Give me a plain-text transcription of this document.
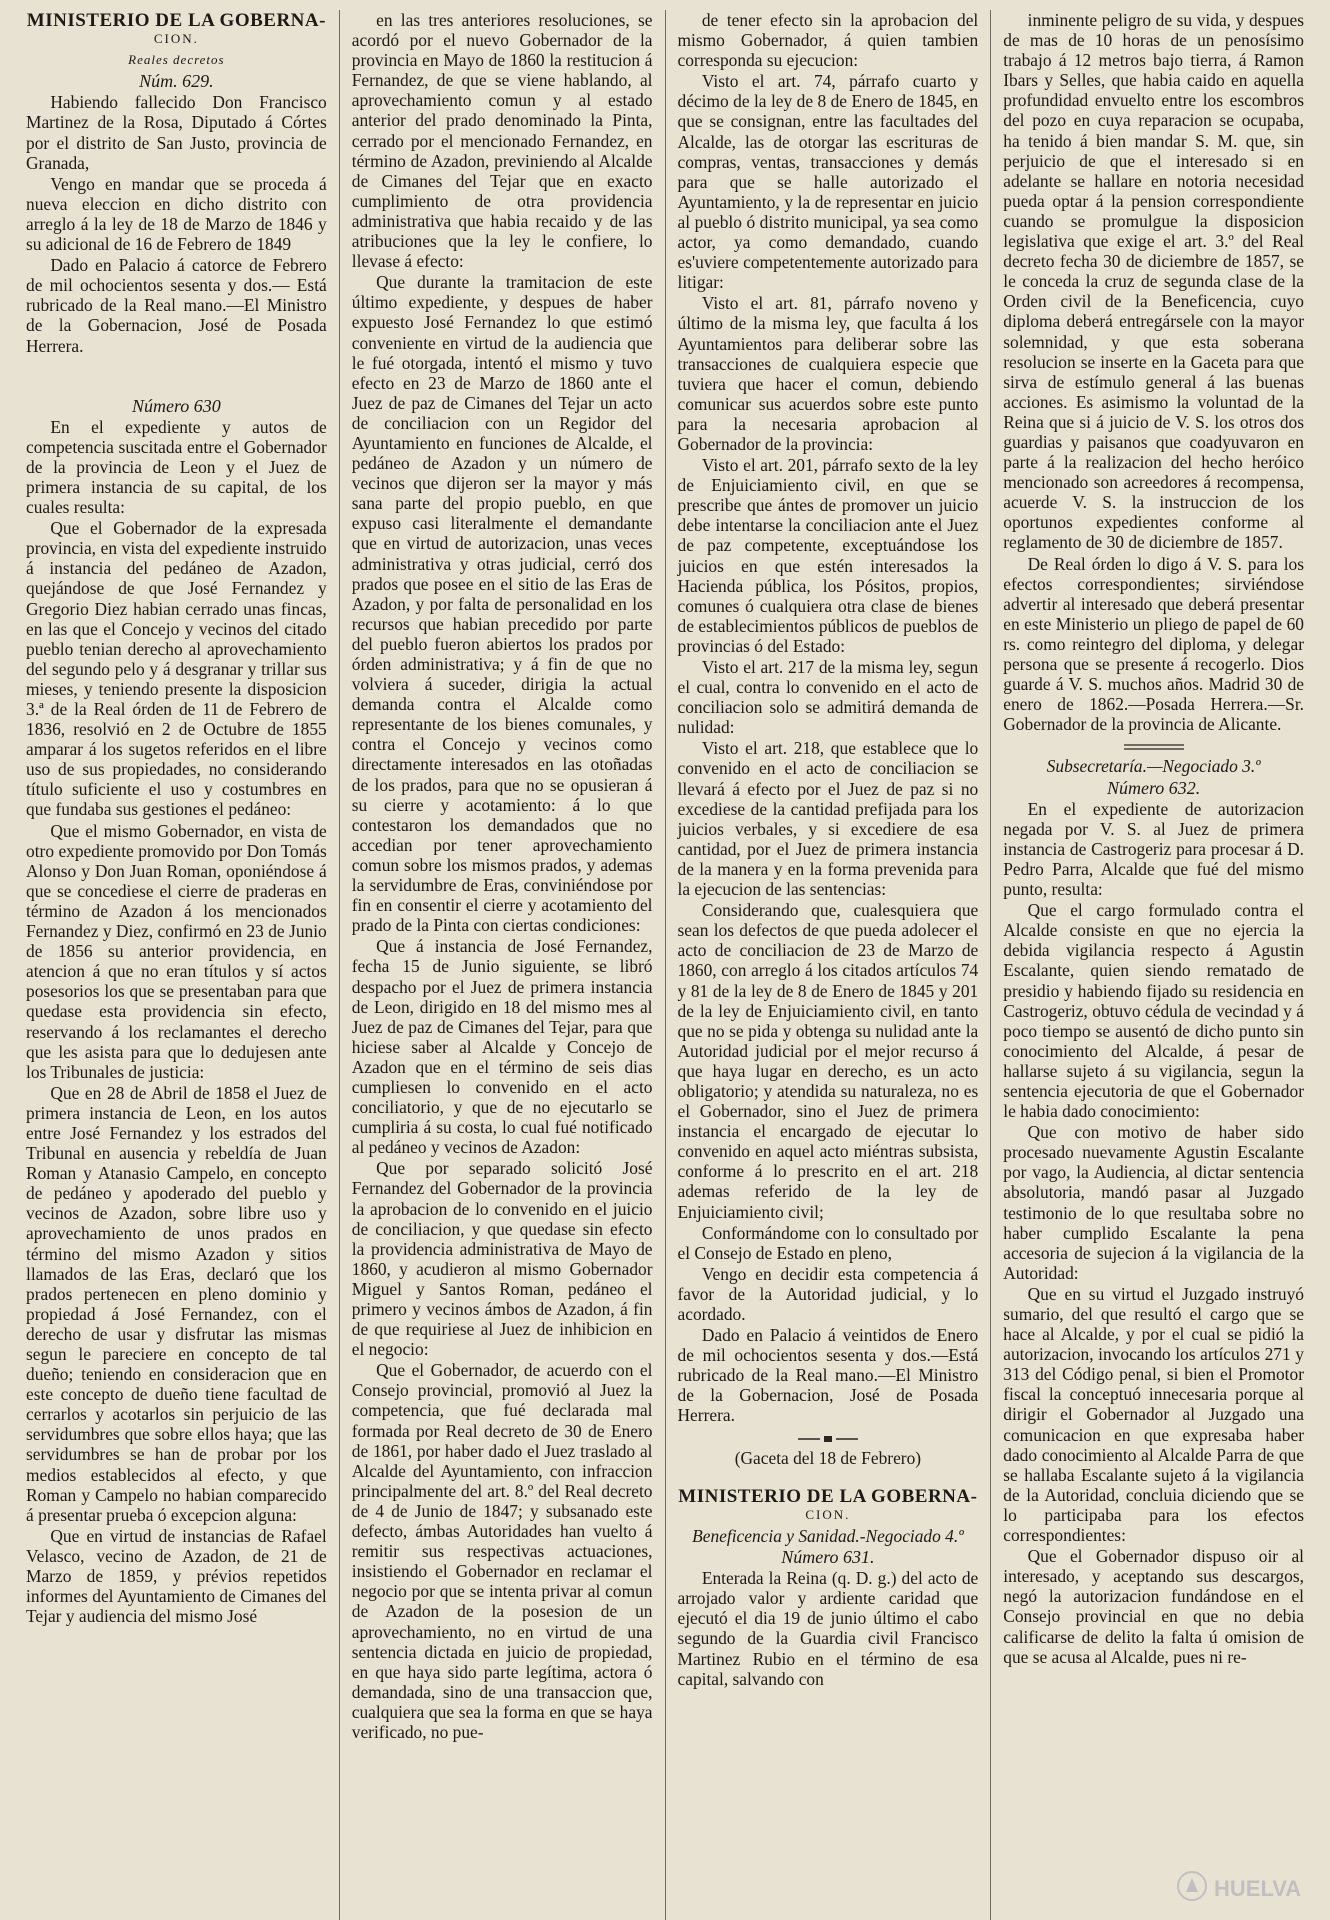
MINISTERIO DE LA GOBERNA-
CION.

Reales decretos

Núm. 629.

Habiendo fallecido Don Francisco Martinez de la Rosa, Diputado á Córtes por el distrito de San Justo, provincia de Granada,

Vengo en mandar que se proceda á nueva eleccion en dicho distrito con arreglo á la ley de 18 de Marzo de 1846 y su adicional de 16 de Febrero de 1849

Dado en Palacio á catorce de Febrero de mil ochocientos sesenta y dos.— Está rubricado de la Real mano.—El Ministro de la Gobernacion, José de Posada Herrera.

Número 630

En el expediente y autos de competencia suscitada entre el Gobernador de la provincia de Leon y el Juez de primera instancia de su capital, de los cuales resulta:

Que el Gobernador de la expresada provincia, en vista del expediente instruido á instancia del pedáneo de Azadon, quejándose de que José Fernandez y Gregorio Diez habian cerrado unas fincas, en las que el Concejo y vecinos del citado pueblo tenian derecho al aprovechamiento del segundo pelo y á desgranar y trillar sus mieses, y teniendo presente la disposicion 3.ª de la Real órden de 11 de Febrero de 1836, resolvió en 2 de Octubre de 1855 amparar á los sugetos referidos en el libre uso de sus propiedades, no considerando título suficiente el uso y costumbres en que fundaba sus gestiones el pedáneo:

Que el mismo Gobernador, en vista de otro expediente promovido por Don Tomás Alonso y Don Juan Roman, oponiéndose á que se concediese el cierre de praderas en término de Azadon á los mencionados Fernandez y Diez, confirmó en 23 de Junio de 1856 su anterior providencia, en atencion á que no eran títulos y sí actos posesorios los que se presentaban para que quedase esta providencia sin efecto, reservando á los reclamantes el derecho que les asista para que lo dedujesen ante los Tribunales de justicia:

Que en 28 de Abril de 1858 el Juez de primera instancia de Leon, en los autos entre José Fernandez y los estrados del Tribunal en ausencia y rebeldía de Juan Roman y Atanasio Campelo, en concepto de pedáneo y apoderado del pueblo y vecinos de Azadon, sobre libre uso y aprovechamiento de unos prados en término del mismo Azadon y sitios llamados de las Eras, declaró que los prados pertenecen en pleno dominio y propiedad á José Fernandez, con el derecho de usar y disfrutar las mismas segun le pareciere en concepto de tal dueño; teniendo en consideracion que en este concepto de dueño tiene facultad de cerrarlos y acotarlos sin perjuicio de las servidumbres que sobre ellos haya; que las servidumbres se han de probar por los medios establecidos al efecto, y que Roman y Campelo no habian comparecido á presentar prueba ó excepcion alguna:

Que en virtud de instancias de Rafael Velasco, vecino de Azadon, de 21 de Marzo de 1859, y prévios repetidos informes del Ayuntamiento de Cimanes del Tejar y audiencia del mismo José

en las tres anteriores resoluciones, se acordó por el nuevo Gobernador de la provincia en Mayo de 1860 la restitucion á Fernandez, de que se viene hablando, al aprovechamiento comun y al estado anterior del prado denominado la Pinta, cerrado por el mencionado Fernandez, en término de Azadon, previniendo al Alcalde de Cimanes del Tejar que en exacto cumplimiento de otra providencia administrativa que habia recaido y de las atribuciones que la ley le confiere, lo llevase á efecto:

Que durante la tramitacion de este último expediente, y despues de haber expuesto José Fernandez lo que estimó conveniente en virtud de la audiencia que le fué otorgada, intentó el mismo y tuvo efecto en 23 de Marzo de 1860 ante el Juez de paz de Cimanes del Tejar un acto de conciliacion con un Regidor del Ayuntamiento en funciones de Alcalde, el pedáneo de Azadon y un número de vecinos que dijeron ser la mayor y más sana parte del propio pueblo, en que expuso casi literalmente el demandante que en virtud de autorizacion, unas veces administrativa y otras judicial, cerró dos prados que posee en el sitio de las Eras de Azadon, y por falta de personalidad en los recursos que habian precedido por parte del pueblo fueron abiertos los prados por órden administrativa; y á fin de que no volviera á suceder, dirigia la actual demanda contra el Alcalde como representante de los bienes comunales, y contra el Concejo y vecinos como directamente interesados en las otoñadas de los prados, para que no se opusieran á su cierre y acotamiento: á lo que contestaron los demandados que no accedian por tener aprovechamiento comun sobre los mismos prados, y ademas la servidumbre de Eras, conviniéndose por fin en consentir el cierre y acotamiento del prado de la Pinta con ciertas condiciones:

Que á instancia de José Fernandez, fecha 15 de Junio siguiente, se libró despacho por el Juez de primera instancia de Leon, dirigido en 18 del mismo mes al Juez de paz de Cimanes del Tejar, para que hiciese saber al Alcalde y Concejo de Azadon que en el término de seis dias cumpliesen lo convenido en el acto conciliatorio, y que de no ejecutarlo se cumpliria á su costa, lo cual fué notificado al pedáneo y vecinos de Azadon:

Que por separado solicitó José Fernandez del Gobernador de la provincia la aprobacion de lo convenido en el juicio de conciliacion, y que quedase sin efecto la providencia administrativa de Mayo de 1860, y acudieron al mismo Gobernador Miguel y Santos Roman, pedáneo el primero y vecinos ámbos de Azadon, á fin de que requiriese al Juez de inhibicion en el negocio:

Que el Gobernador, de acuerdo con el Consejo provincial, promovió al Juez la competencia, que fué declarada mal formada por Real decreto de 30 de Enero de 1861, por haber dado el Juez traslado al Alcalde del Ayuntamiento, con infraccion principalmente del art. 8.º del Real decreto de 4 de Junio de 1847; y subsanado este defecto, ámbas Autoridades han vuelto á remitir sus respectivas actuaciones, insistiendo el Gobernador en reclamar el negocio por que se intenta privar al comun de Azadon de la posesion de un aprovechamiento, no en virtud de una sentencia dictada en juicio de propiedad, en que haya sido parte legítima, actora ó demandada, sino de una transaccion que, cualquiera que sea la forma en que se haya verificado, no pue-

de tener efecto sin la aprobacion del mismo Gobernador, á quien tambien corresponda su ejecucion:

Visto el art. 74, párrafo cuarto y décimo de la ley de 8 de Enero de 1845, en que se consignan, entre las facultades del Alcalde, las de otorgar las escrituras de compras, ventas, transacciones y demás para que se halle autorizado el Ayuntamiento, y la de representar en juicio al pueblo ó distrito municipal, ya sea como actor, ya como demandado, cuando es'uviere competentemente autorizado para litigar:

Visto el art. 81, párrafo noveno y último de la misma ley, que faculta á los Ayuntamientos para deliberar sobre las transacciones de cualquiera especie que tuviera que hacer el comun, debiendo comunicar sus acuerdos sobre este punto para la necesaria aprobacion al Gobernador de la provincia:

Visto el art. 201, párrafo sexto de la ley de Enjuiciamiento civil, en que se prescribe que ántes de promover un juicio debe intentarse la conciliacion ante el Juez de paz competente, exceptuándose los juicios en que estén interesados la Hacienda pública, los Pósitos, propios, comunes ó cualquiera otra clase de bienes de establecimientos públicos de pueblos de provincias ó del Estado:

Visto el art. 217 de la misma ley, segun el cual, contra lo convenido en el acto de conciliacion solo se admitirá demanda de nulidad:

Visto el art. 218, que establece que lo convenido en el acto de conciliacion se llevará á efecto por el Juez de paz si no excediese de la cantidad prefijada para los juicios verbales, y si excediere de esa cantidad, por el Juez de primera instancia de la manera y en la forma prevenida para la ejecucion de las sentencias:

Considerando que, cualesquiera que sean los defectos de que pueda adolecer el acto de conciliacion de 23 de Marzo de 1860, con arreglo á los citados artículos 74 y 81 de la ley de 8 de Enero de 1845 y 201 de la ley de Enjuiciamiento civil, en tanto que no se pida y obtenga su nulidad ante la Autoridad judicial por el mejor recurso á que haya lugar en derecho, es un acto obligatorio; y atendida su naturaleza, no es el Gobernador, sino el Juez de primera instancia el encargado de ejecutar lo convenido en aquel acto miéntras subsista, conforme á lo prescrito en el art. 218 ademas referido de la ley de Enjuiciamiento civil;

Conformándome con lo consultado por el Consejo de Estado en pleno,

Vengo en decidir esta competencia á favor de la Autoridad judicial, y lo acordado.

Dado en Palacio á veintidos de Enero de mil ochocientos sesenta y dos.—Está rubricado de la Real mano.—El Ministro de la Gobernacion, José de Posada Herrera.

(Gaceta del 18 de Febrero)

MINISTERIO DE LA GOBERNA-
CION.

Beneficencia y Sanidad.-Negociado 4.º

Número 631.

Enterada la Reina (q. D. g.) del acto de arrojado valor y ardiente caridad que ejecutó el dia 19 de junio último el cabo segundo de la Guardia civil Francisco Martinez Rubio en el término de esa capital, salvando con

inminente peligro de su vida, y despues de mas de 10 horas de un penosísimo trabajo á 12 metros bajo tierra, á Ramon Ibars y Selles, que habia caido en aquella profundidad envuelto entre los escombros del pozo en cuya reparacion se ocupaba, ha tenido á bien mandar S. M. que, sin perjuicio de que el interesado si en adelante se hallare en notoria necesidad pueda optar á la pension correspondiente cuando se promulgue la disposicion legislativa que exige el art. 3.º del Real decreto fecha 30 de diciembre de 1857, se le conceda la cruz de segunda clase de la Orden civil de la Beneficencia, cuyo diploma deberá entregársele con la mayor solemnidad, y que esta soberana resolucion se inserte en la Gaceta para que sirva de estímulo general á las buenas acciones. Es asimismo la voluntad de la Reina que si á juicio de V. S. los otros dos guardias y paisanos que coadyuvaron en parte á la realizacion del hecho heróico mencionado son acreedores á recompensa, acuerde V. S. la instruccion de los oportunos expedientes conforme al reglamento de 30 de diciembre de 1857.

De Real órden lo digo á V. S. para los efectos correspondientes; sirviéndose advertir al interesado que deberá presentar en este Ministerio un pliego de papel de 60 rs. como reintegro del diploma, y delegar persona que se presente á recogerlo. Dios guarde á V. S. muchos años. Madrid 30 de enero de 1862.—Posada Herrera.—Sr. Gobernador de la provincia de Alicante.

Subsecretaría.—Negociado 3.º

Número 632.

En el expediente de autorizacion negada por V. S. al Juez de primera instancia de Castrogeriz para procesar á D. Pedro Parra, Alcalde que fué del mismo punto, resulta:

Que el cargo formulado contra el Alcalde consiste en que no ejercia la debida vigilancia respecto á Agustin Escalante, quien siendo rematado de presidio y habiendo fijado su residencia en Castrogeriz, obtuvo cédula de vecindad y á poco tiempo se ausentó de dicho punto sin conocimiento del Alcalde, á pesar de hallarse sujeto á su vigilancia, segun la sentencia ejecutoria de que el Gobernador le habia dado conocimiento:

Que con motivo de haber sido procesado nuevamente Agustin Escalante por vago, la Audiencia, al dictar sentencia absolutoria, mandó pasar al Juzgado testimonio de lo que resultaba sobre no haber cumplido Escalante la pena accesoria de sujecion á la vigilancia de la Autoridad:

Que en su virtud el Juzgado instruyó sumario, del que resultó el cargo que se hace al Alcalde, y por el cual se pidió la autorizacion, invocando los artículos 271 y 313 del Código penal, si bien el Promotor fiscal la conceptuó innecesaria porque al dirigir el Gobernador al Juzgado una comunicacion en que expresaba haber dado conocimiento al Alcalde Parra de que se hallaba Escalante sujeto á la vigilancia de la Autoridad, concluia diciendo que se lo participaba para los efectos correspondientes:

Que el Gobernador dispuso oir al interesado, y aceptando sus descargos, negó la autorizacion fundándose en el Consejo provincial en que no debia calificarse de delito la falta ú omision de que se acusa al Alcalde, pues ni re-

HUELVA
